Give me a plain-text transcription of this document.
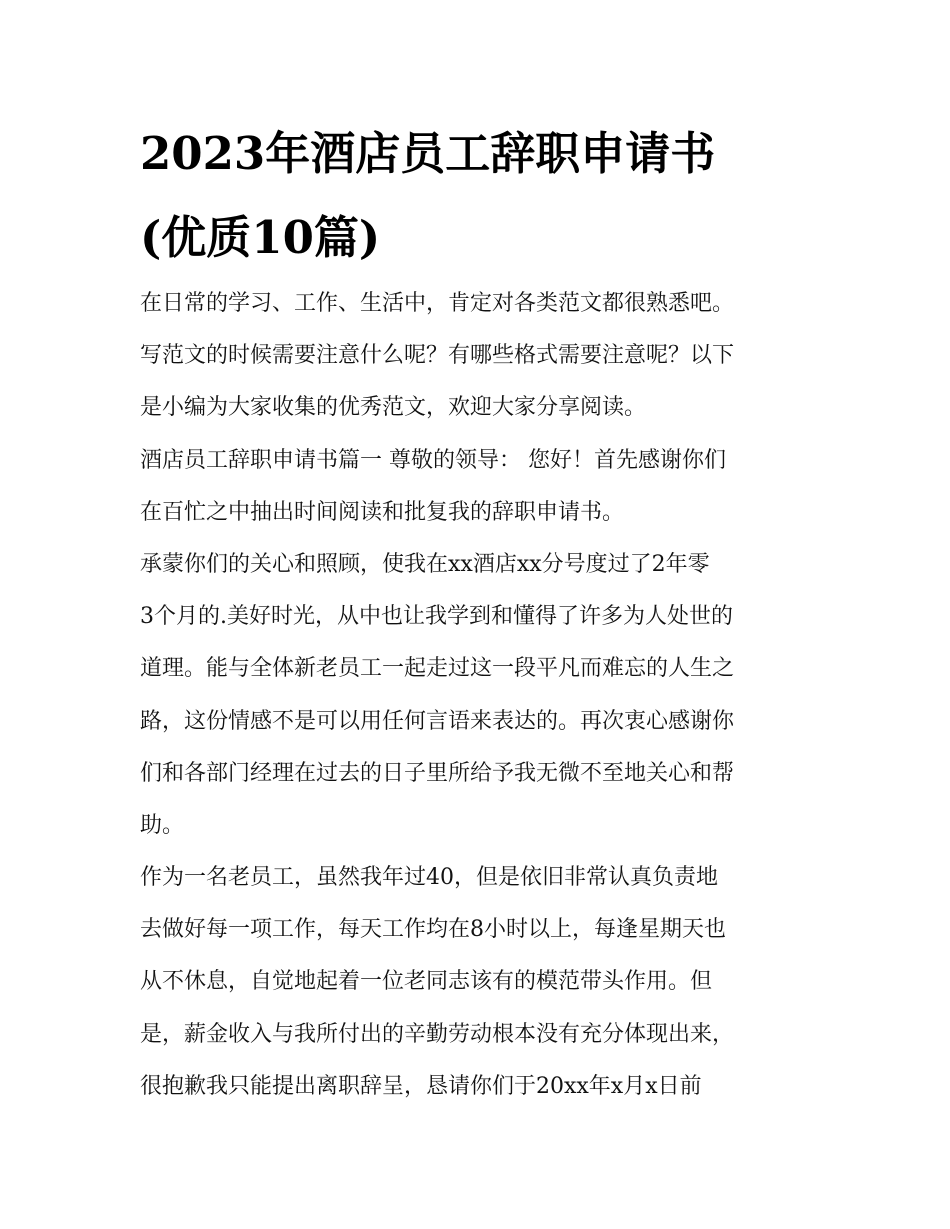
2023年酒店员工辞职申请书
(优质10篇)
在日常的学习、工作、生活中，肯定对各类范文都很熟悉吧。
写范文的时候需要注意什么呢？有哪些格式需要注意呢？以下
是小编为大家收集的优秀范文，欢迎大家分享阅读。
酒店员工辞职申请书篇一 尊敬的领导： 您好！首先感谢你们
在百忙之中抽出时间阅读和批复我的辞职申请书。
承蒙你们的关心和照顾，使我在xx酒店xx分号度过了2年零
3个月的.美好时光，从中也让我学到和懂得了许多为人处世的
道理。能与全体新老员工一起走过这一段平凡而难忘的人生之
路，这份情感不是可以用任何言语来表达的。再次衷心感谢你
们和各部门经理在过去的日子里所给予我无微不至地关心和帮
助。
作为一名老员工，虽然我年过40，但是依旧非常认真负责地
去做好每一项工作，每天工作均在8小时以上，每逢星期天也
从不休息，自觉地起着一位老同志该有的模范带头作用。但
是，薪金收入与我所付出的辛勤劳动根本没有充分体现出来，
很抱歉我只能提出离职辞呈，恳请你们于20xx年x月x日前
